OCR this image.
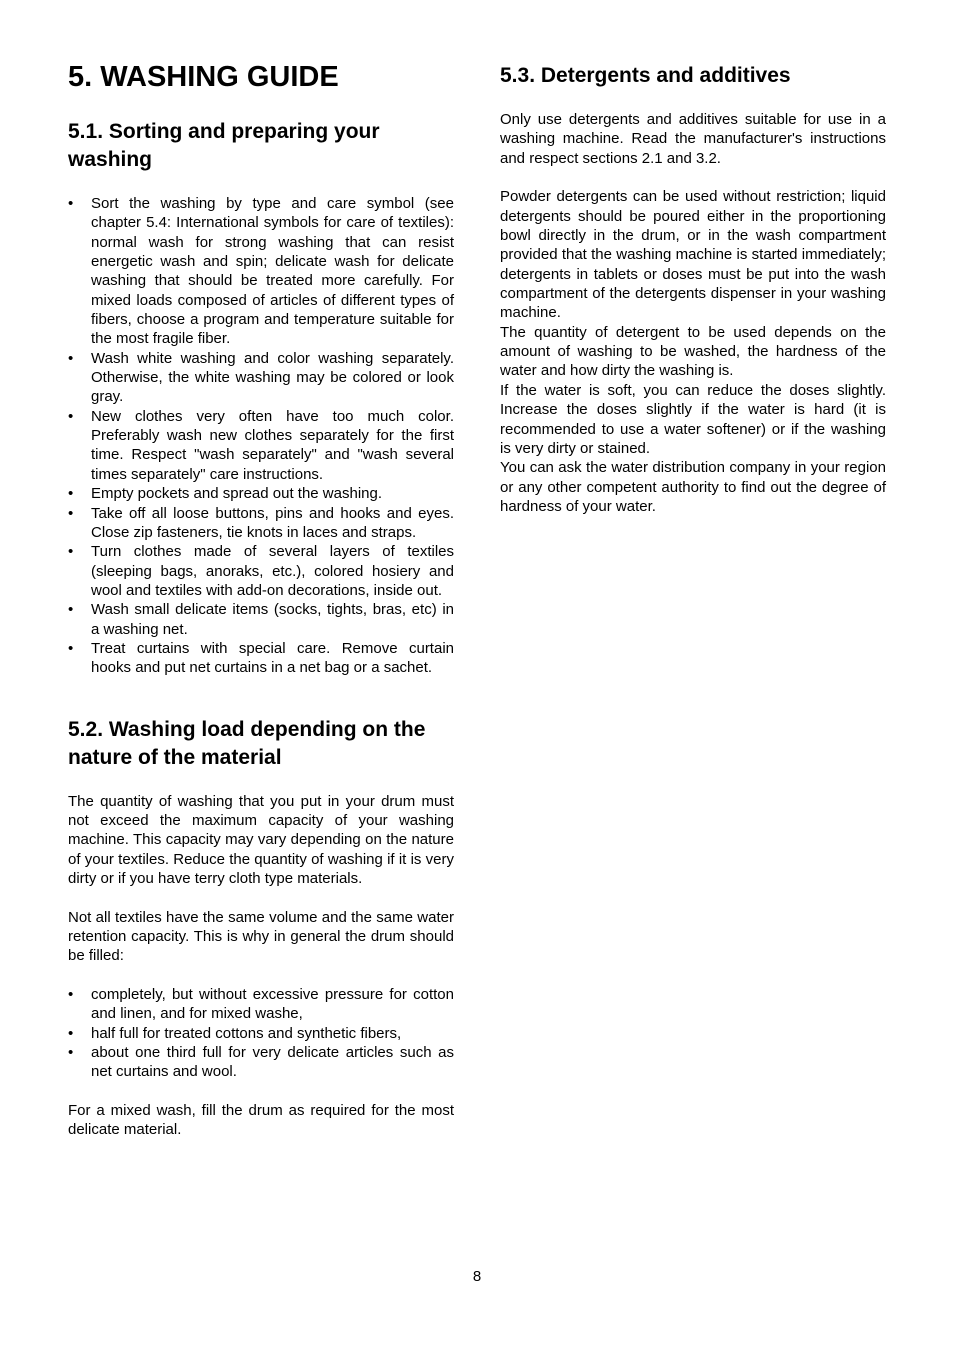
5. WASHING GUIDE
5.1. Sorting and preparing your washing
• Sort the washing by type and care symbol (see chapter 5.4: International symbols for care of textiles): normal wash for strong washing that can resist energetic wash and spin; delicate wash for delicate washing that should be treated more carefully. For mixed loads composed of articles of different types of fibers, choose a program and temperature suitable for the most fragile fiber.
• Wash white washing and color washing separately. Otherwise, the white washing may be colored or look gray.
• New clothes very often have too much color. Preferably wash new clothes separately for the first time. Respect "wash separately" and "wash several times separately" care instructions.
• Empty pockets and spread out the washing.
• Take off all loose buttons, pins and hooks and eyes. Close zip fasteners, tie knots in laces and straps.
• Turn clothes made of several layers of textiles (sleeping bags, anoraks, etc.), colored hosiery and wool and textiles with add-on decorations, inside out.
• Wash small delicate items (socks, tights, bras, etc) in a washing net.
• Treat curtains with special care. Remove curtain hooks and put net curtains in a net bag or a sachet.
5.2. Washing load depending on the nature of the material

The quantity of washing that you put in your drum must not exceed the maximum capacity of your washing machine. This capacity may vary depending on the nature of your textiles. Reduce the quantity of washing if it is very dirty or if you have terry cloth type materials.

Not all textiles have the same volume and the same water retention capacity. This is why in general the drum should be filled:

• completely, but without excessive pressure for cotton and linen, and for mixed washe,
• half full for treated cottons and synthetic fibers,
• about one third full for very delicate articles such as net curtains and wool.

For a mixed wash, fill the drum as required for the most delicate material.

5.3. Detergents and additives

Only use detergents and additives suitable for use in a washing machine. Read the manufacturer's instructions and respect sections 2.1 and 3.2.

Powder detergents can be used without restriction; liquid detergents should be poured either in the proportioning bowl directly in the drum, or in the wash compartment provided that the washing machine is started immediately; detergents in tablets or doses must be put into the wash compartment of the detergents dispenser in your washing machine.

The quantity of detergent to be used depends on the amount of washing to be washed, the hardness of the water and how dirty the washing is.

If the water is soft, you can reduce the doses slightly. Increase the doses slightly if the water is hard (it is recommended to use a water softener) or if the washing is very dirty or stained.

You can ask the water distribution company in your region or any other competent authority to find out the degree of hardness of your water.

8
